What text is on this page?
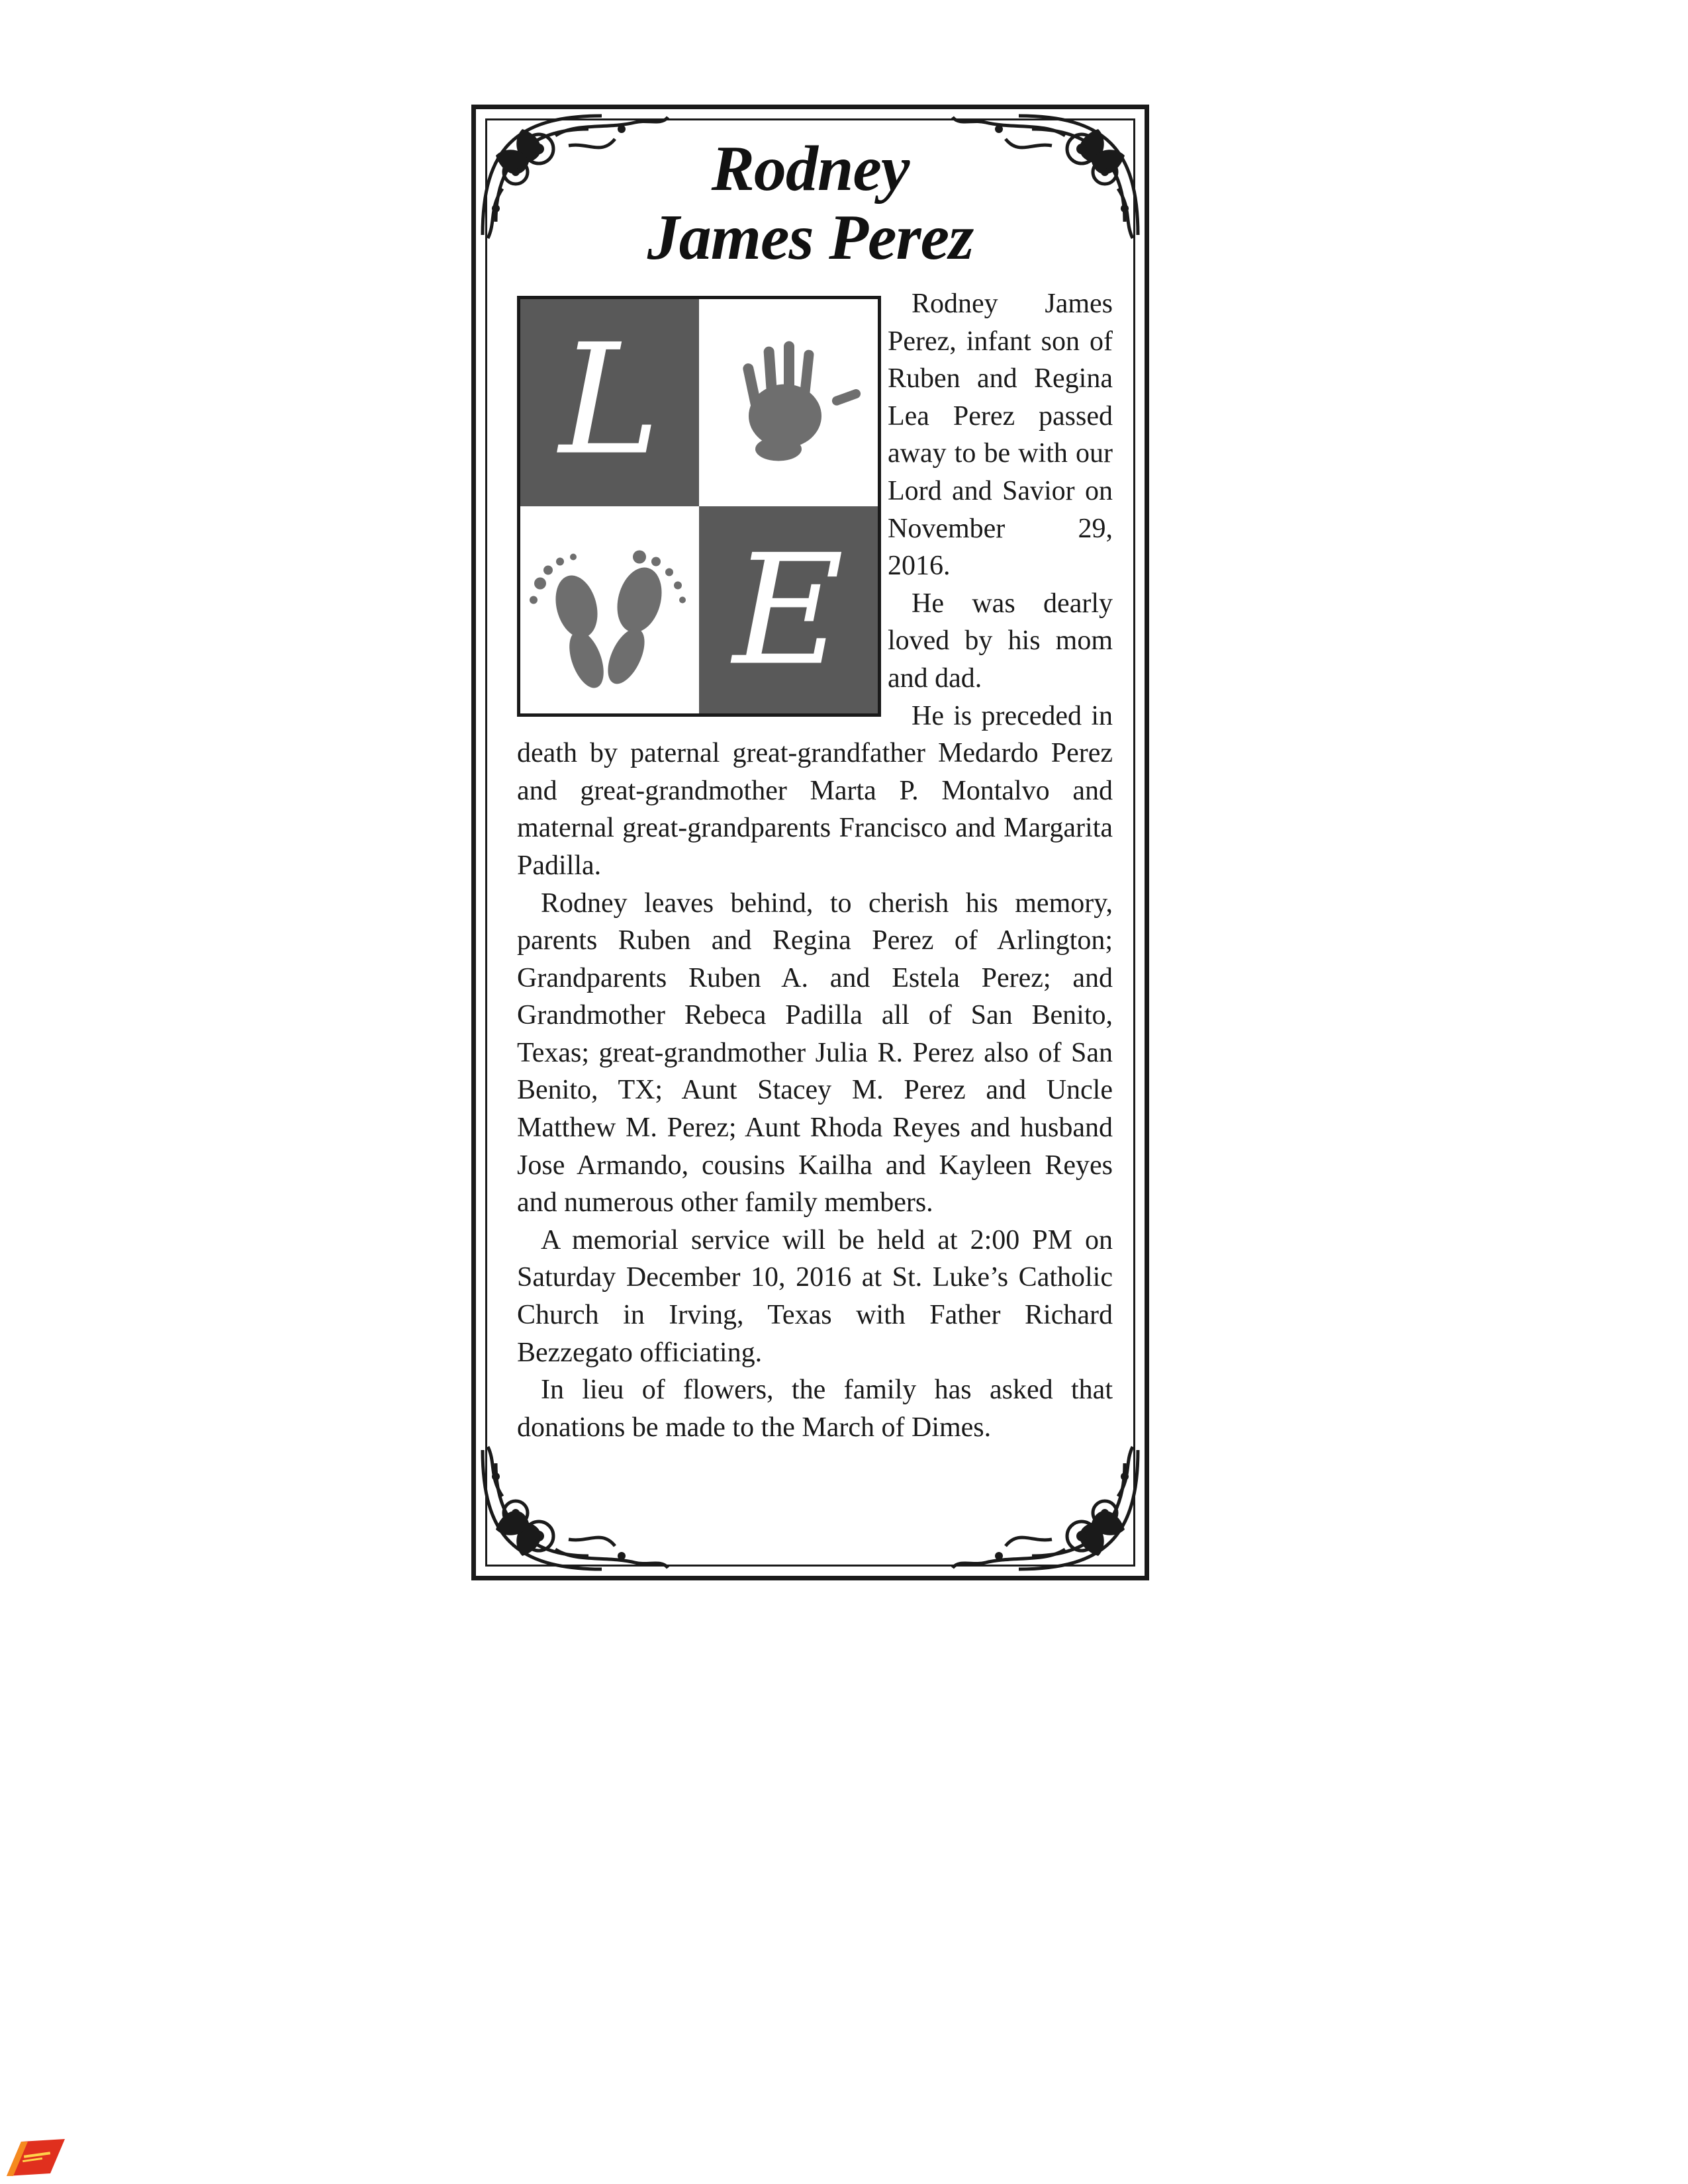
Rodney
James Perez
L
E

Rodney James Perez, infant son of Ruben and Regina Lea Perez passed away to be with our Lord and Savior on November 29, 2016.

He was dearly loved by his mom and dad.

He is preceded in death by paternal great-grandfather Medardo Perez and great-grandmother Marta P. Montalvo and maternal great-grandparents Francisco and Margarita Padilla.

Rodney leaves behind, to cherish his memory, parents Ruben and Regina Perez of Arlington; Grandparents Ruben A. and Estela Perez; and Grandmother Rebeca Padilla all of San Benito, Texas; great-grandmother Julia R. Perez also of San Benito, TX; Aunt Stacey M. Perez and Uncle Matthew M. Perez; Aunt Rhoda Reyes and husband Jose Armando, cousins Kailha and Kayleen Reyes and numerous other family members.

A memorial service will be held at 2:00 PM on Saturday December 10, 2016 at St. Luke’s Catholic Church in Irving, Texas with Father Richard Bezzegato officiating.

In lieu of flowers, the family has asked that donations be made to the March of Dimes.
